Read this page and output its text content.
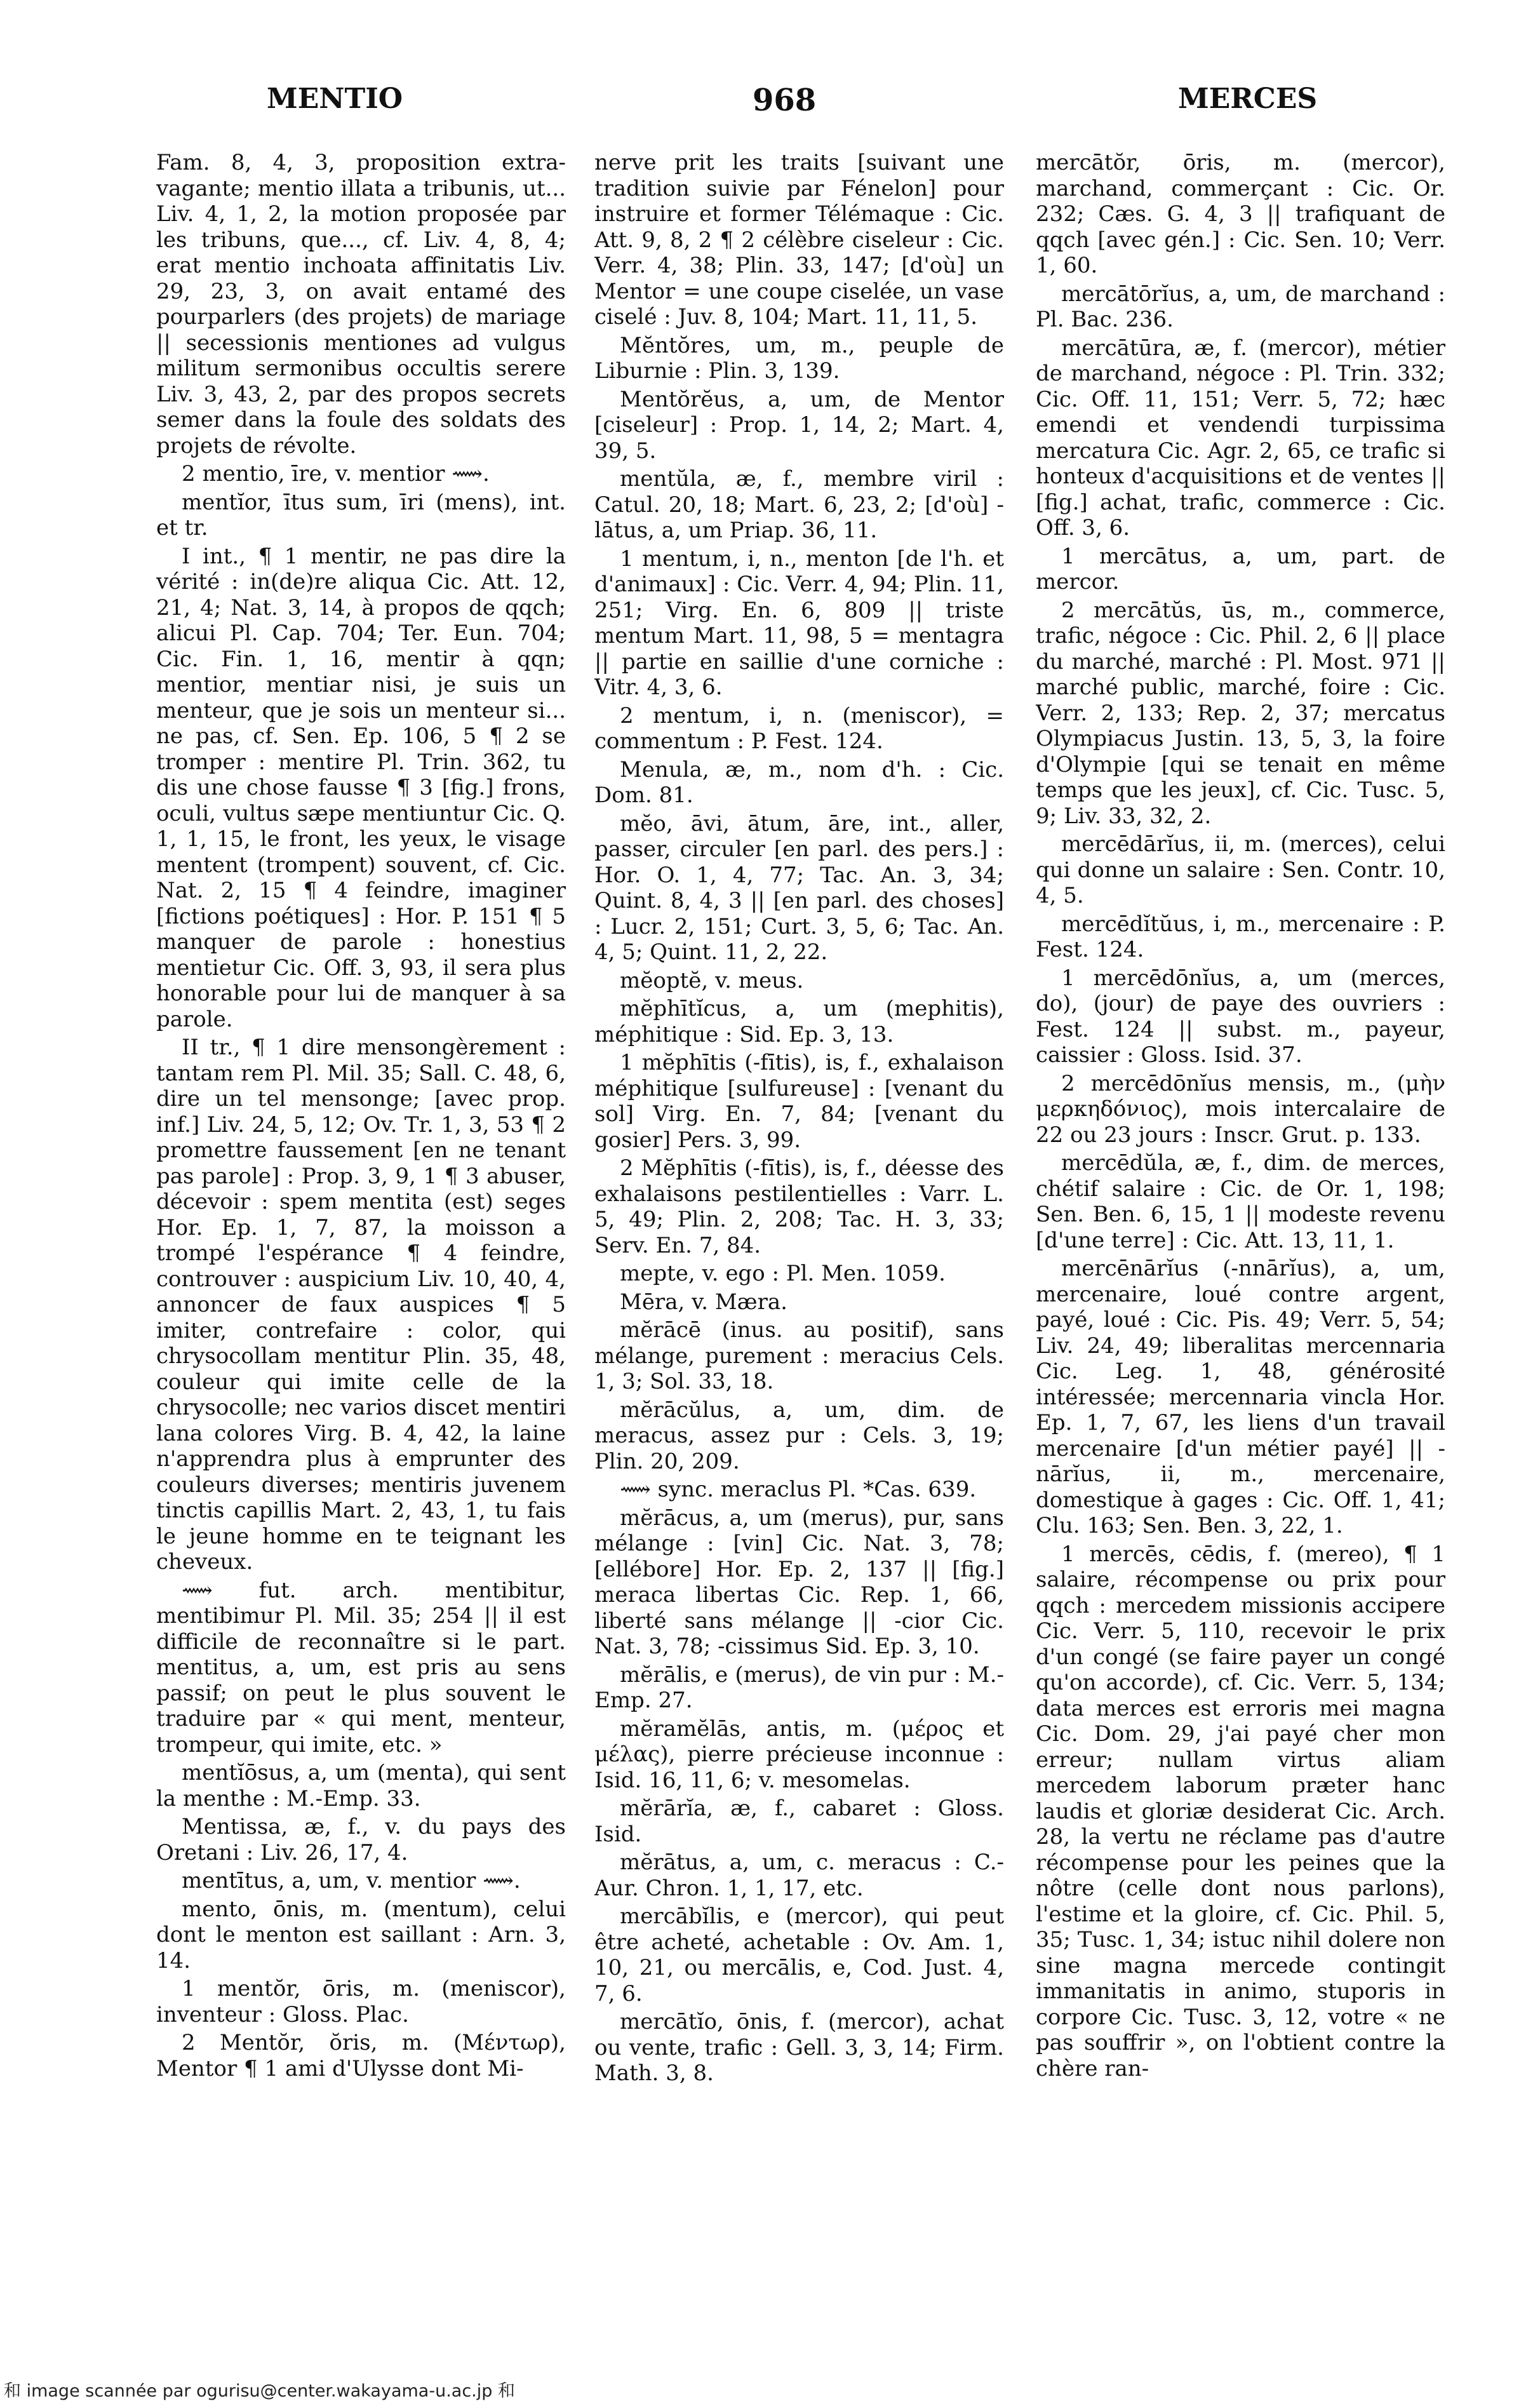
MENTIO	968	MERCES

Fam. 8, 4, 3, proposition extra-vagante; mentio illata a tribunis, ut... Liv. 4, 1, 2, la motion proposée par les tribuns, que..., cf. Liv. 4, 8, 4; erat mentio inchoata affinitatis Liv. 29, 23, 3, on avait entamé des pourparlers (des projets) de mariage || secessionis mentiones ad vulgus militum sermonibus occultis serere Liv. 3, 43, 2, par des propos secrets semer dans la foule des soldats des projets de révolte.

2 mentio, īre, v. mentior ⟿.

mentĭor, ītus sum, īri (mens), int. et tr.

I int., ¶ 1 mentir, ne pas dire la vérité : in(de)re aliqua Cic. Att. 12, 21, 4; Nat. 3, 14, à propos de qqch; alicui Pl. Cap. 704; Ter. Eun. 704; Cic. Fin. 1, 16, mentir à qqn; mentior, mentiar nisi, je suis un menteur, que je sois un menteur si... ne pas, cf. Sen. Ep. 106, 5 ¶ 2 se tromper : mentire Pl. Trin. 362, tu dis une chose fausse ¶ 3 [fig.] frons, oculi, vultus sæpe mentiuntur Cic. Q. 1, 1, 15, le front, les yeux, le visage mentent (trompent) souvent, cf. Cic. Nat. 2, 15 ¶ 4 feindre, imaginer [fictions poétiques] : Hor. P. 151 ¶ 5 manquer de parole : honestius mentietur Cic. Off. 3, 93, il sera plus honorable pour lui de manquer à sa parole.

II tr., ¶ 1 dire mensongèrement : tantam rem Pl. Mil. 35; Sall. C. 48, 6, dire un tel mensonge; [avec prop. inf.] Liv. 24, 5, 12; Ov. Tr. 1, 3, 53 ¶ 2 promettre faussement [en ne tenant pas parole] : Prop. 3, 9, 1 ¶ 3 abuser, décevoir : spem mentita (est) seges Hor. Ep. 1, 7, 87, la moisson a trompé l'espérance ¶ 4 feindre, controuver : auspicium Liv. 10, 40, 4, annoncer de faux auspices ¶ 5 imiter, contrefaire : color, qui chrysocollam mentitur Plin. 35, 48, couleur qui imite celle de la chrysocolle; nec varios discet mentiri lana colores Virg. B. 4, 42, la laine n'apprendra plus à emprunter des couleurs diverses; mentiris juvenem tinctis capillis Mart. 2, 43, 1, tu fais le jeune homme en te teignant les cheveux.

⟿ fut. arch. mentibitur, mentibimur Pl. Mil. 35; 254 || il est difficile de reconnaître si le part. mentitus, a, um, est pris au sens passif; on peut le plus souvent le traduire par « qui ment, menteur, trompeur, qui imite, etc. »

mentĭōsus, a, um (menta), qui sent la menthe : M.-Emp. 33.

Mentissa, æ, f., v. du pays des Oretani : Liv. 26, 17, 4.

mentītus, a, um, v. mentior ⟿.

mento, ōnis, m. (mentum), celui dont le menton est saillant : Arn. 3, 14.

1 mentŏr, ōris, m. (meniscor), inventeur : Gloss. Plac.

2 Mentŏr, ŏris, m. (Μέντωρ), Mentor ¶ 1 ami d'Ulysse dont Mi-

nerve prit les traits [suivant une tradition suivie par Fénelon] pour instruire et former Télémaque : Cic. Att. 9, 8, 2 ¶ 2 célèbre ciseleur : Cic. Verr. 4, 38; Plin. 33, 147; [d'où] un Mentor = une coupe ciselée, un vase ciselé : Juv. 8, 104; Mart. 11, 11, 5.

Mĕntŏres, um, m., peuple de Liburnie : Plin. 3, 139.

Mentŏrĕus, a, um, de Mentor [ciseleur] : Prop. 1, 14, 2; Mart. 4, 39, 5.

mentŭla, æ, f., membre viril : Catul. 20, 18; Mart. 6, 23, 2; [d'où] -lātus, a, um Priap. 36, 11.

1 mentum, i, n., menton [de l'h. et d'animaux] : Cic. Verr. 4, 94; Plin. 11, 251; Virg. En. 6, 809 || triste mentum Mart. 11, 98, 5 = mentagra || partie en saillie d'une corniche : Vitr. 4, 3, 6.

2 mentum, i, n. (meniscor), = commentum : P. Fest. 124.

Menula, æ, m., nom d'h. : Cic. Dom. 81.

mĕo, āvi, ātum, āre, int., aller, passer, circuler [en parl. des pers.] : Hor. O. 1, 4, 77; Tac. An. 3, 34; Quint. 8, 4, 3 || [en parl. des choses] : Lucr. 2, 151; Curt. 3, 5, 6; Tac. An. 4, 5; Quint. 11, 2, 22.

mĕoptĕ, v. meus.

mĕphītĭcus, a, um (mephitis), méphitique : Sid. Ep. 3, 13.

1 mĕphītis (-fītis), is, f., exhalaison méphitique [sulfureuse] : [venant du sol] Virg. En. 7, 84; [venant du gosier] Pers. 3, 99.

2 Mĕphītis (-fītis), is, f., déesse des exhalaisons pestilentielles : Varr. L. 5, 49; Plin. 2, 208; Tac. H. 3, 33; Serv. En. 7, 84.

mepte, v. ego : Pl. Men. 1059.

Mēra, v. Mæra.

mĕrācē (inus. au positif), sans mélange, purement : meracius Cels. 1, 3; Sol. 33, 18.

mĕrācŭlus, a, um, dim. de meracus, assez pur : Cels. 3, 19; Plin. 20, 209.

⟿ sync. meraclus Pl. *Cas. 639.

mĕrācus, a, um (merus), pur, sans mélange : [vin] Cic. Nat. 3, 78; [ellébore] Hor. Ep. 2, 137 || [fig.] meraca libertas Cic. Rep. 1, 66, liberté sans mélange || -cior Cic. Nat. 3, 78; -cissimus Sid. Ep. 3, 10.

mĕrālis, e (merus), de vin pur : M.-Emp. 27.

mĕramĕlās, antis, m. (μέρος et μέλας), pierre précieuse inconnue : Isid. 16, 11, 6; v. mesomelas.

mĕrārĭa, æ, f., cabaret : Gloss. Isid.

mĕrātus, a, um, c. meracus : C.-Aur. Chron. 1, 1, 17, etc.

mercābĭlis, e (mercor), qui peut être acheté, achetable : Ov. Am. 1, 10, 21, ou mercālis, e, Cod. Just. 4, 7, 6.

mercātĭo, ōnis, f. (mercor), achat ou vente, trafic : Gell. 3, 3, 14; Firm. Math. 3, 8.

mercātŏr, ōris, m. (mercor), marchand, commerçant : Cic. Or. 232; Cæs. G. 4, 3 || trafiquant de qqch [avec gén.] : Cic. Sen. 10; Verr. 1, 60.

mercātōrĭus, a, um, de marchand : Pl. Bac. 236.

mercātūra, æ, f. (mercor), métier de marchand, négoce : Pl. Trin. 332; Cic. Off. 11, 151; Verr. 5, 72; hæc emendi et vendendi turpissima mercatura Cic. Agr. 2, 65, ce trafic si honteux d'acquisitions et de ventes || [fig.] achat, trafic, commerce : Cic. Off. 3, 6.

1 mercātus, a, um, part. de mercor.

2 mercātŭs, ūs, m., commerce, trafic, négoce : Cic. Phil. 2, 6 || place du marché, marché : Pl. Most. 971 || marché public, marché, foire : Cic. Verr. 2, 133; Rep. 2, 37; mercatus Olympiacus Justin. 13, 5, 3, la foire d'Olympie [qui se tenait en même temps que les jeux], cf. Cic. Tusc. 5, 9; Liv. 33, 32, 2.

mercēdārĭus, ii, m. (merces), celui qui donne un salaire : Sen. Contr. 10, 4, 5.

mercēdĭtŭus, i, m., mercenaire : P. Fest. 124.

1 mercēdōnĭus, a, um (merces, do), (jour) de paye des ouvriers : Fest. 124 || subst. m., payeur, caissier : Gloss. Isid. 37.

2 mercēdōnĭus mensis, m., (μὴν μερκηδόνιος), mois intercalaire de 22 ou 23 jours : Inscr. Grut. p. 133.

mercēdŭla, æ, f., dim. de merces, chétif salaire : Cic. de Or. 1, 198; Sen. Ben. 6, 15, 1 || modeste revenu [d'une terre] : Cic. Att. 13, 11, 1.

mercēnārĭus (-nnārĭus), a, um, mercenaire, loué contre argent, payé, loué : Cic. Pis. 49; Verr. 5, 54; Liv. 24, 49; liberalitas mercennaria Cic. Leg. 1, 48, générosité intéressée; mercennaria vincla Hor. Ep. 1, 7, 67, les liens d'un travail mercenaire [d'un métier payé] || -nārĭus, ii, m., mercenaire, domestique à gages : Cic. Off. 1, 41; Clu. 163; Sen. Ben. 3, 22, 1.

1 mercēs, cēdis, f. (mereo), ¶ 1 salaire, récompense ou prix pour qqch : mercedem missionis accipere Cic. Verr. 5, 110, recevoir le prix d'un congé (se faire payer un congé qu'on accorde), cf. Cic. Verr. 5, 134; data merces est erroris mei magna Cic. Dom. 29, j'ai payé cher mon erreur; nullam virtus aliam mercedem laborum præter hanc laudis et gloriæ desiderat Cic. Arch. 28, la vertu ne réclame pas d'autre récompense pour les peines que la nôtre (celle dont nous parlons), l'estime et la gloire, cf. Cic. Phil. 5, 35; Tusc. 1, 34; istuc nihil dolere non sine magna mercede contingit immanitatis in animo, stuporis in corpore Cic. Tusc. 3, 12, votre « ne pas souffrir », on l'obtient contre la chère ran-

和 image scannée par ogurisu@center.wakayama-u.ac.jp 和
